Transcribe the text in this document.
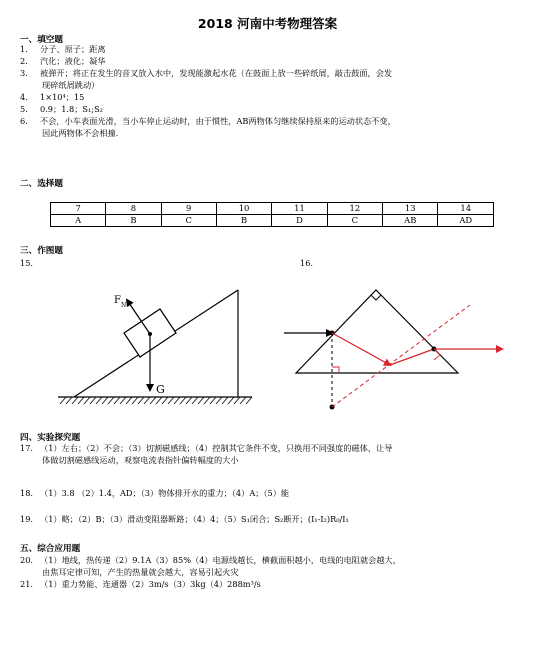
2018 河南中考物理答案
一、填空题
1. 分子、原子；距离
2. 汽化；液化；凝华
3. 被弹开；将正在发生的音叉放入水中，发现能激起水花（在鼓面上放一些碎纸屑，敲击鼓面，会发
现碎纸屑跳动）
4. 1×10⁴；15
5. 0.9；1.8；S₁;S₂
6. 不会，小车表面光滑，当小车停止运动时，由于惯性，AB两物体匀继续保持原来的运动状态不变，
因此两物体不会相撞.
二、选择题
7	8	9	10	11	12	13	14
A	B	C	B	D	C	AB	AD
三、作图题
15.	16.
F N
G
四、实验探究题
17. （1）左右；（2）不会；（3）切割磁感线；（4）控制其它条件不变，只换用不同强度的磁体，让导
体做切割磁感线运动，观察电流表指针偏转幅度的大小
18. （1）3.8 （2）1.4，AD；（3）物体排开水的重力；（4）A；（5）能
19. （1）略；（2）B；（3）滑动变阻器断路；（4）4；（5）S₁闭合；S₂断开；(I₁-I₂)R₀/I₁
五、综合应用题
20. （1）地线，热传递（2）9.1A（3）85%（4）电源线越长，横截面积越小，电线的电阻就会越大，
由焦耳定律可知，产生的热量就会越大，容易引起火灾
21. （1）重力势能、连通器（2）3m/s（3）3kg（4）288m³/s
